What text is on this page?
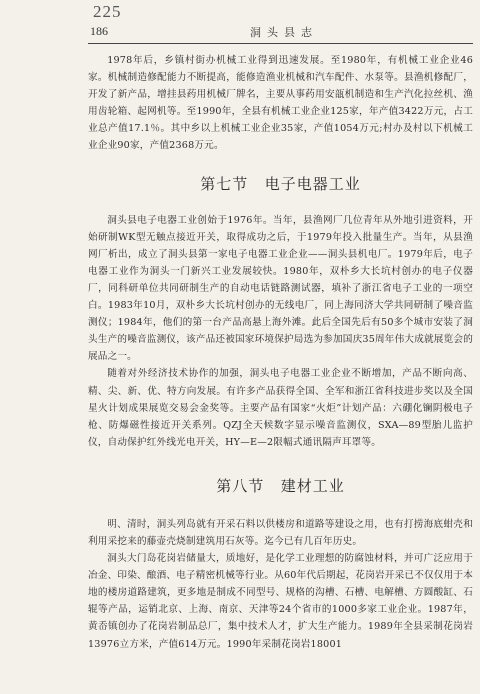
225
186	洞头县志

1978年后，乡镇村街办机械工业得到迅速发展。至1980年，有机械工业企业46家。机械制造修配能力不断提高，能修造渔业机械和汽车配件、水泵等。县渔机修配厂，开发了新产品，增挂县药用机械厂牌名，主要从事药用安瓿机制造和生产汽化拉丝机、渔用齿轮箱、起网机等。至1990年，全县有机械工业企业125家，年产值3422万元，占工业总产值17.1％。其中乡以上机械工业企业35家，产值1054万元;村办及村以下机械工业企业90家，产值2368万元。

第七节 电子电器工业

洞头县电子电器工业创始于1976年。当年，县渔网厂几位青年从外地引进资料，开始研制WK型无触点接近开关，取得成功之后，于1979年投入批量生产。当年，从县渔网厂析出，成立了洞头县第一家电子电器工业企业——洞头县机电厂。1979年后，电子电器工业作为洞头一门新兴工业发展较快。1980年，双朴乡大长坑村创办的电子仪器厂，同科研单位共同研制生产的自动电话链路测试器，填补了浙江省电子工业的一项空白。1983年10月，双朴乡大长坑村创办的无线电厂，同上海同济大学共同研制了噪音监测仪；1984年，他们的第一台产品高悬上海外滩。此后全国先后有50多个城市安装了洞头生产的噪音监测仪，该产品还被国家环境保护局选为参加国庆35周年伟大成就展览会的展品之一。

随着对外经济技术协作的加强，洞头电子电器工业企业不断增加，产品不断向高、精、尖、新、优、特方向发展。有许多产品获得全国、全军和浙江省科技进步奖以及全国星火计划成果展览交易会金奖等。主要产品有国家“火炬”计划产品：六硼化镧阴极电子枪、防爆磁性接近开关系列。QZJ全天候数字显示噪音监测仪，SXA—89型胎儿监护仪，自动保护红外线光电开关，HY—E—2限幅式通讯隔声耳罩等。

第八节 建材工业

明、清时，洞头列岛就有开采石料以供楼房和道路等建设之用，也有打捞海底蚶壳和利用采挖来的藤壶壳烧制建筑用石灰等。迄今已有几百年历史。

洞头大门岛花岗岩储量大，质地好，是化学工业理想的防腐蚀材料，并可广泛应用于冶金、印染、酿酒、电子精密机械等行业。从60年代后期起，花岗岩开采已不仅仅用于本地的楼房道路建筑，更多地是制成不同型号、规格的沟槽、石槽、电解槽、方圆酸缸、石辊等产品，运销北京、上海、南京、天津等24个省市的1000多家工业企业。1987年，黄岙镇创办了花岗岩制品总厂，集中技术人才，扩大生产能力。1989年全县采制花岗岩13976立方米，产值614万元。1990年采制花岗岩18001
